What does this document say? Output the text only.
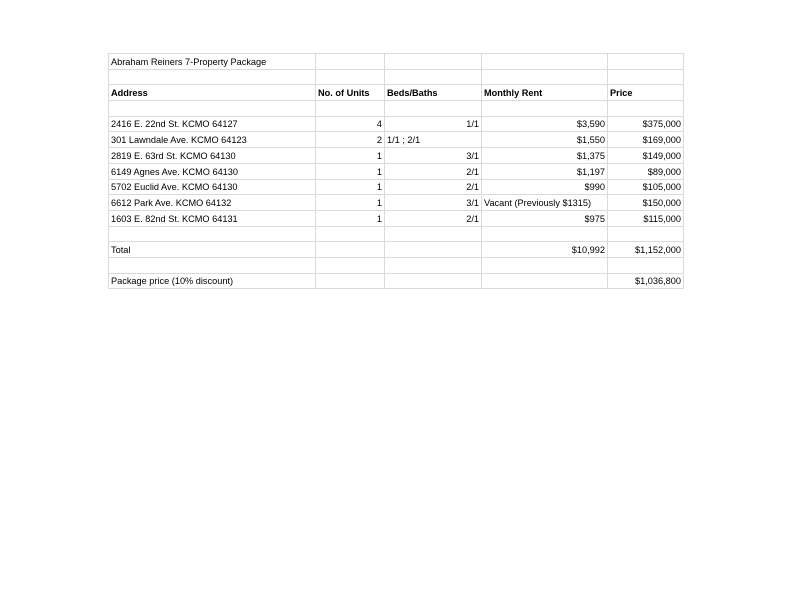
Abraham Reiners 7-Property Package				

Address	No. of Units	Beds/Baths	Monthly Rent	Price

2416 E. 22nd St. KCMO 64127	4	1/1	$3,590	$375,000
301 Lawndale Ave. KCMO 64123	2	1/1 ; 2/1	$1,550	$169,000
2819 E. 63rd St. KCMO 64130	1	3/1	$1,375	$149,000
6149 Agnes Ave. KCMO 64130	1	2/1	$1,197	$89,000
5702 Euclid Ave. KCMO 64130	1	2/1	$990	$105,000
6612 Park Ave. KCMO 64132	1	3/1	Vacant (Previously $1315)	$150,000
1603 E. 82nd St. KCMO 64131	1	2/1	$975	$115,000

Total			$10,992	$1,152,000

Package price (10% discount)				$1,036,800
